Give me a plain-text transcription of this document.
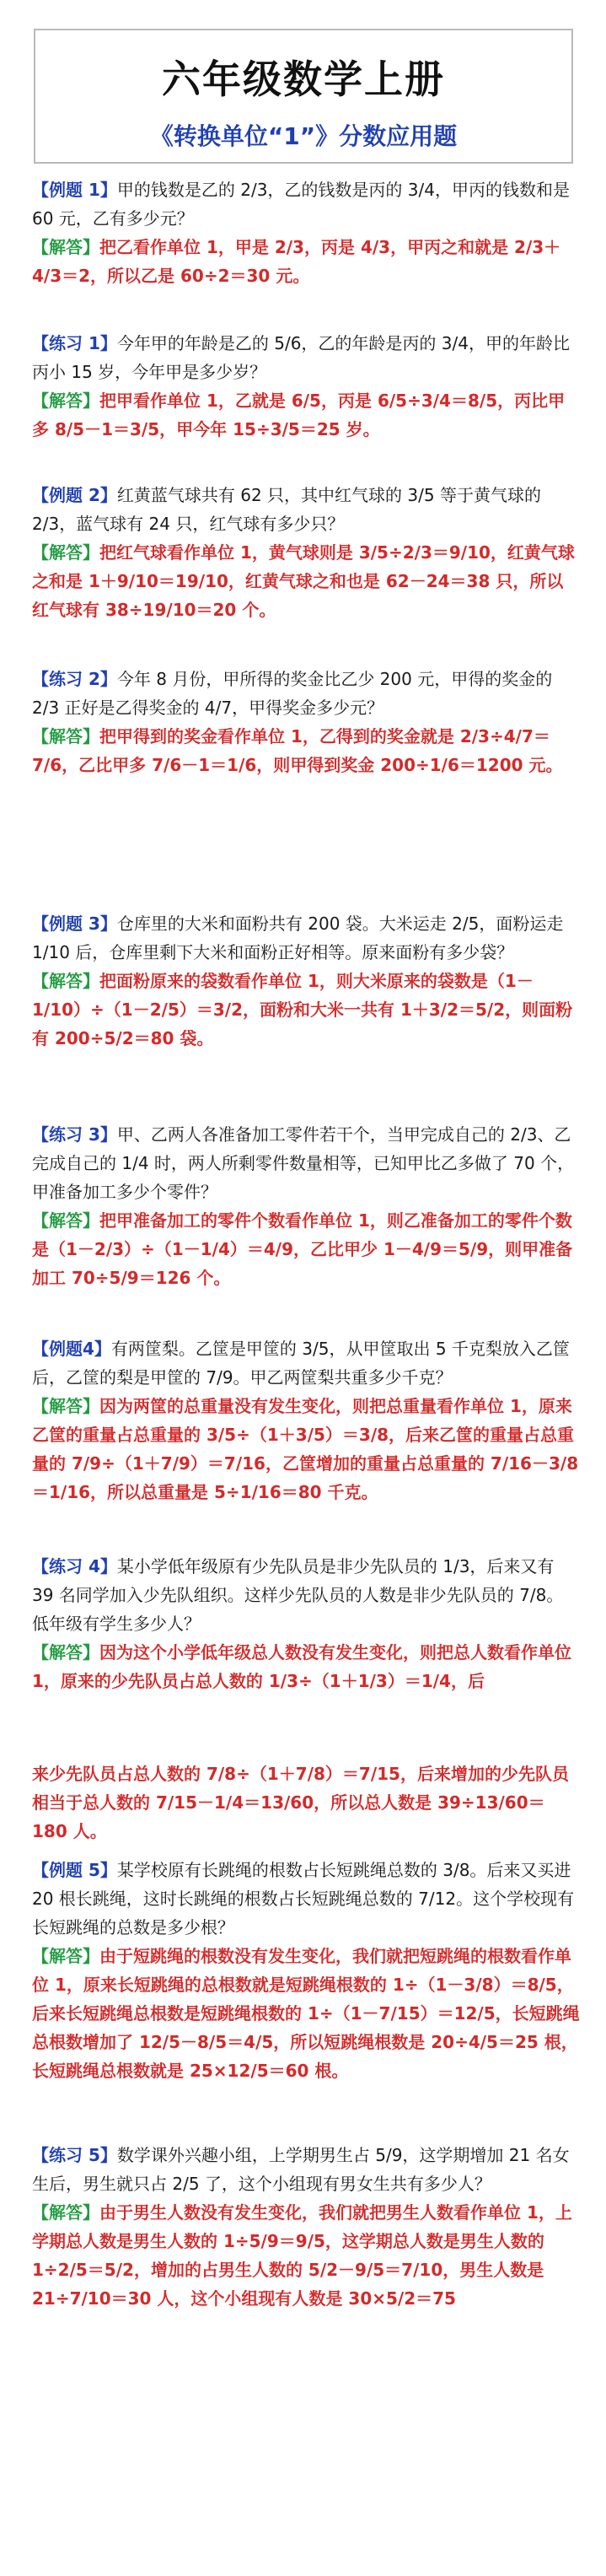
六年级数学上册
《转换单位“1”》分数应用题

【例题 1】甲的钱数是乙的 2/3，乙的钱数是丙的 3/4，甲丙的钱数和是 60 元，乙有多少元？

【解答】把乙看作单位 1，甲是 2/3，丙是 4/3，甲丙之和就是 2/3＋4/3＝2，所以乙是 60÷2＝30 元。

【练习 1】今年甲的年龄是乙的 5/6，乙的年龄是丙的 3/4，甲的年龄比丙小 15 岁，今年甲是多少岁？

【解答】把甲看作单位 1，乙就是 6/5，丙是 6/5÷3/4＝8/5，丙比甲多 8/5－1＝3/5，甲今年 15÷3/5＝25 岁。

【例题 2】红黄蓝气球共有 62 只，其中红气球的 3/5 等于黄气球的 2/3，蓝气球有 24 只，红气球有多少只？

【解答】把红气球看作单位 1，黄气球则是 3/5÷2/3＝9/10，红黄气球之和是 1＋9/10＝19/10，红黄气球之和也是 62－24＝38 只，所以红气球有 38÷19/10＝20 个。

【练习 2】今年 8 月份，甲所得的奖金比乙少 200 元，甲得的奖金的 2/3 正好是乙得奖金的 4/7，甲得奖金多少元？

【解答】把甲得到的奖金看作单位 1，乙得到的奖金就是 2/3÷4/7＝7/6，乙比甲多 7/6－1＝1/6，则甲得到奖金 200÷1/6＝1200 元。

【例题 3】仓库里的大米和面粉共有 200 袋。大米运走 2/5，面粉运走 1/10 后，仓库里剩下大米和面粉正好相等。原来面粉有多少袋？

【解答】把面粉原来的袋数看作单位 1，则大米原来的袋数是（1－1/10）÷（1－2/5）＝3/2，面粉和大米一共有 1＋3/2＝5/2，则面粉有 200÷5/2＝80 袋。

【练习 3】甲、乙两人各准备加工零件若干个，当甲完成自己的 2/3、乙完成自己的 1/4 时，两人所剩零件数量相等，已知甲比乙多做了 70 个，甲准备加工多少个零件？

【解答】把甲准备加工的零件个数看作单位 1，则乙准备加工的零件个数是（1－2/3）÷（1－1/4）＝4/9，乙比甲少 1－4/9＝5/9，则甲准备加工 70÷5/9＝126 个。

【例题4】有两筐梨。乙筐是甲筐的 3/5，从甲筐取出 5 千克梨放入乙筐后，乙筐的梨是甲筐的 7/9。甲乙两筐梨共重多少千克？

【解答】因为两筐的总重量没有发生变化，则把总重量看作单位 1，原来乙筐的重量占总重量的 3/5÷（1＋3/5）＝3/8，后来乙筐的重量占总重量的 7/9÷（1＋7/9）＝7/16，乙筐增加的重量占总重量的 7/16－3/8＝1/16，所以总重量是 5÷1/16＝80 千克。

【练习 4】某小学低年级原有少先队员是非少先队员的 1/3，后来又有 39 名同学加入少先队组织。这样少先队员的人数是非少先队员的 7/8。低年级有学生多少人？

【解答】因为这个小学低年级总人数没有发生变化，则把总人数看作单位 1，原来的少先队员占总人数的 1/3÷（1＋1/3）＝1/4，后

来少先队员占总人数的 7/8÷（1＋7/8）＝7/15，后来增加的少先队员相当于总人数的 7/15－1/4＝13/60，所以总人数是 39÷13/60＝180 人。

【例题 5】某学校原有长跳绳的根数占长短跳绳总数的 3/8。后来又买进 20 根长跳绳，这时长跳绳的根数占长短跳绳总数的 7/12。这个学校现有长短跳绳的总数是多少根？

【解答】由于短跳绳的根数没有发生变化，我们就把短跳绳的根数看作单位 1，原来长短跳绳的总根数就是短跳绳根数的 1÷（1－3/8）＝8/5，后来长短跳绳总根数是短跳绳根数的 1÷（1－7/15）＝12/5，长短跳绳总根数增加了 12/5－8/5＝4/5，所以短跳绳根数是 20÷4/5＝25 根，长短跳绳总根数就是 25×12/5＝60 根。

【练习 5】数学课外兴趣小组，上学期男生占 5/9，这学期增加 21 名女生后，男生就只占 2/5 了，这个小组现有男女生共有多少人？

【解答】由于男生人数没有发生变化，我们就把男生人数看作单位 1，上学期总人数是男生人数的 1÷5/9＝9/5，这学期总人数是男生人数的 1÷2/5＝5/2，增加的占男生人数的 5/2－9/5＝7/10，男生人数是 21÷7/10＝30 人，这个小组现有人数是 30×5/2＝75
